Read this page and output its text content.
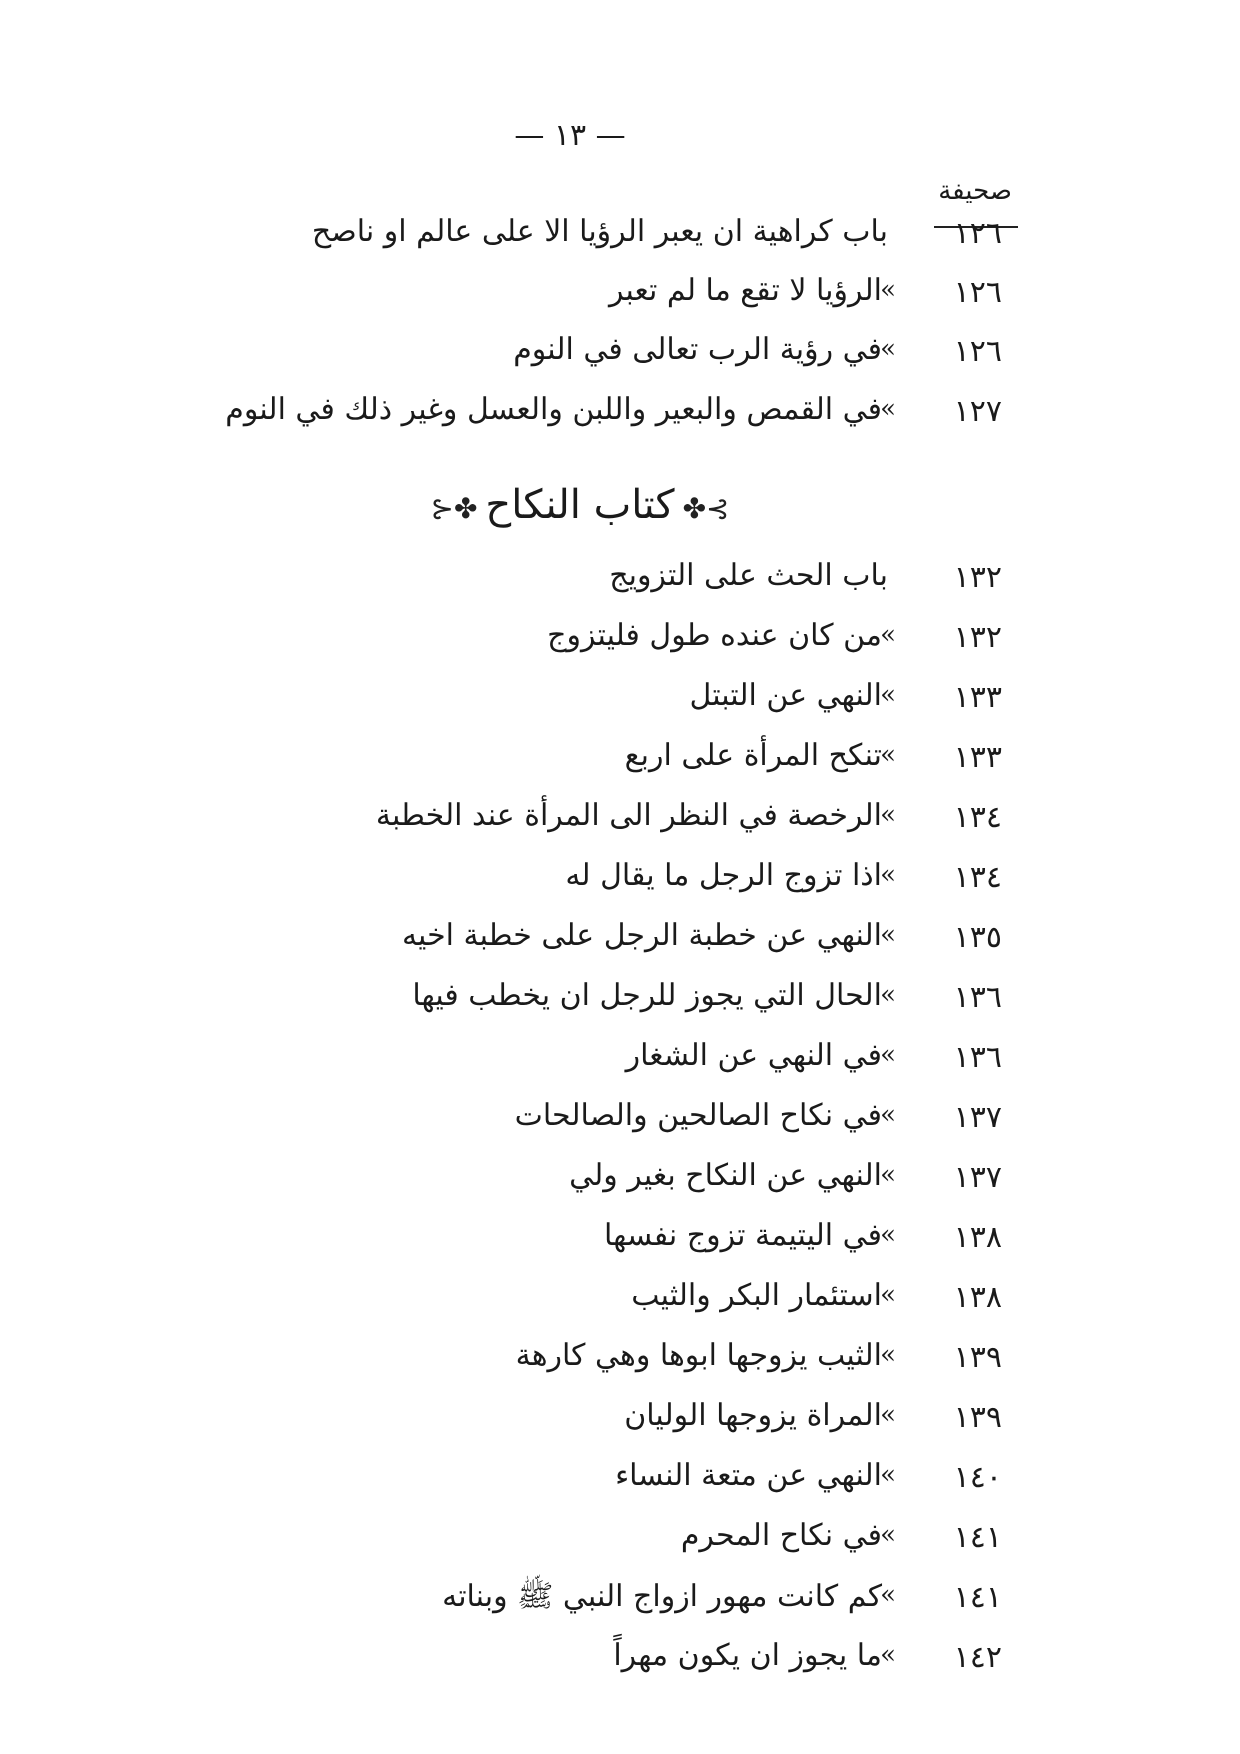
— ١٣ —
صحيفة
١٢٦
باب كراهية ان يعبر الرؤيا الا على عالم او ناصح
١٢٦
»
الرؤيا لا تقع ما لم تعبر
١٢٦
»
في رؤية الرب تعالى في النوم
١٢٧
»
في القمص والبعير واللبن والعسل وغير ذلك في النوم
⊱✤كتاب النكاح✤⊰
١٣٢
باب الحث على التزويج
١٣٢
»
من كان عنده طول فليتزوج
١٣٣
»
النهي عن التبتل
١٣٣
»
تنكح المرأة على اربع
١٣٤
»
الرخصة في النظر الى المرأة عند الخطبة
١٣٤
»
اذا تزوج الرجل ما يقال له
١٣٥
»
النهي عن خطبة الرجل على خطبة اخيه
١٣٦
»
الحال التي يجوز للرجل ان يخطب فيها
١٣٦
»
في النهي عن الشغار
١٣٧
»
في نكاح الصالحين والصالحات
١٣٧
»
النهي عن النكاح بغير ولي
١٣٨
»
في اليتيمة تزوج نفسها
١٣٨
»
استئمار البكر والثيب
١٣٩
»
الثيب يزوجها ابوها وهي كارهة
١٣٩
»
المراة يزوجها الوليان
١٤٠
»
النهي عن متعة النساء
١٤١
»
في نكاح المحرم
١٤١
»
كم كانت مهور ازواج النبي ﷺ وبناته
١٤٢
»
ما يجوز ان يكون مهراً
